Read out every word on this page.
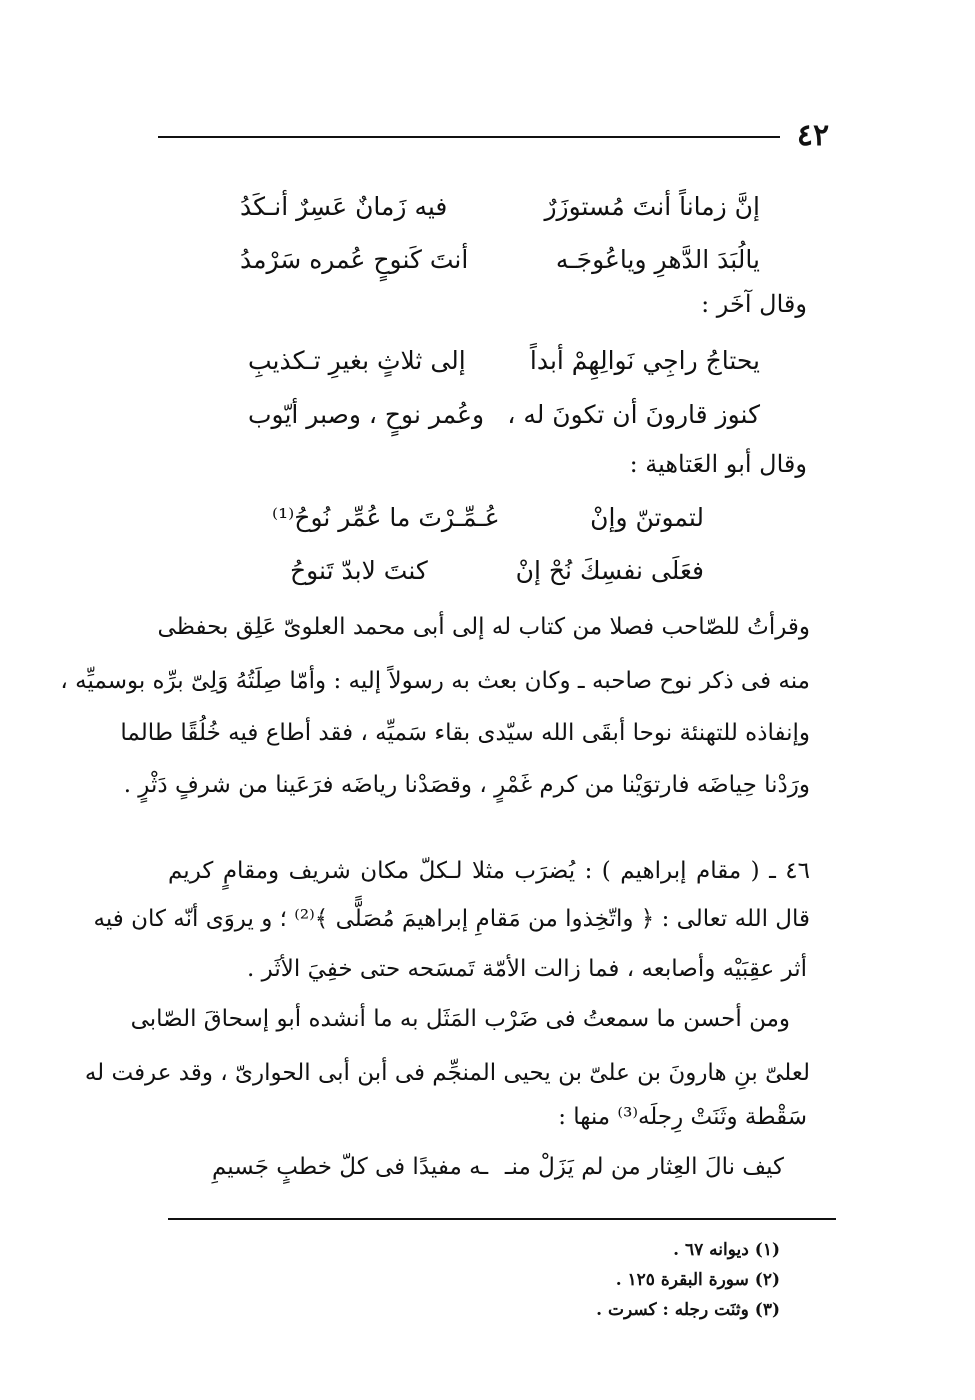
٤٢
إنَّ زماناً أنتَ مُستوزَرٌ
فيه زَمانٌ عَسِرٌ أنـكَدُ
يالُبَدَ الدَّهرِ وياعُوجَـه
أنتَ كَنوحٍ عُمره سَرْمدُ
وقال آخَر :
يحتاجُ راجِي نَوالِهِمْ أبداً
إلى ثلاثٍ بغيرِ تـكذيبِ
كنوز قارونَ أن تكونَ له ،
وعُمر نوحٍ ، وصبر أيّوب
وقال أبو العَتاهية :
لتموتنّ وإنْ
عُـمِّـرْتَ ما عُمِّر نُوحُ⁽¹⁾
فعَلَى نفسِكَ نُحْ إنْ
كنتَ لابدّ تَنوحُ
وقرأتُ للصّاحب فصلا من كتاب له إلى أبى محمد العلوىّ عَلِق بحفظى
منه فى ذكر نوح صاحبه ـ وكان بعث به رسولاً إليه : وأمّا صِلَتُهُ وَلِىّ برِّه بوسميِّه ،
وإنفاذه للتهنئة نوحا أبقَى الله سيّدى بقاء سَميِّه ، فقد أطاع فيه خُلُقًا طالما
ورَدْنا حِياضَه فارتوَيْنا من كرم غَمْرٍ ، وقصَدْنا رياضَه فرَعَينا من شرفٍ دَثْرٍ .
٤٦ ـ ( مقام إبراهيم ) : يُضرَب مثلا لـكلّ مكان شريف ومقامٍ كريم
قال الله تعالى : ﴿ واتّخِذوا من مَقامِ إبراهيمَ مُصَلًّى ﴾⁽²⁾ ؛ و يروَى أنّه كان فيه
أثر عقِبَيْه وأصابعه ، فما زالت الأمّة تَمسَحه حتى خفِيَ الأثَر .
ومن أحسن ما سمعتُ فى ضَرْب المَثَل به ما أنشده أبو إسحاقَ الصّابى
لعلىّ بنِ هارونَ بن علىّ بن يحيى المنجِّم فى أبن أبى الحوارىّ ، وقد عرفت له
سَقْطة وثَنَتْ رِجلَه⁽³⁾ منها :
كيف نالَ العِثار من لم يَزَلْ منـ
ـه مفيدًا فى كلّ خطبٍ جَسيمِ
(١) ديوانه ٦٧ .
(٢) سورة البقرة ١٢٥ .
(٣) وثنَت رجله : كسرت .
